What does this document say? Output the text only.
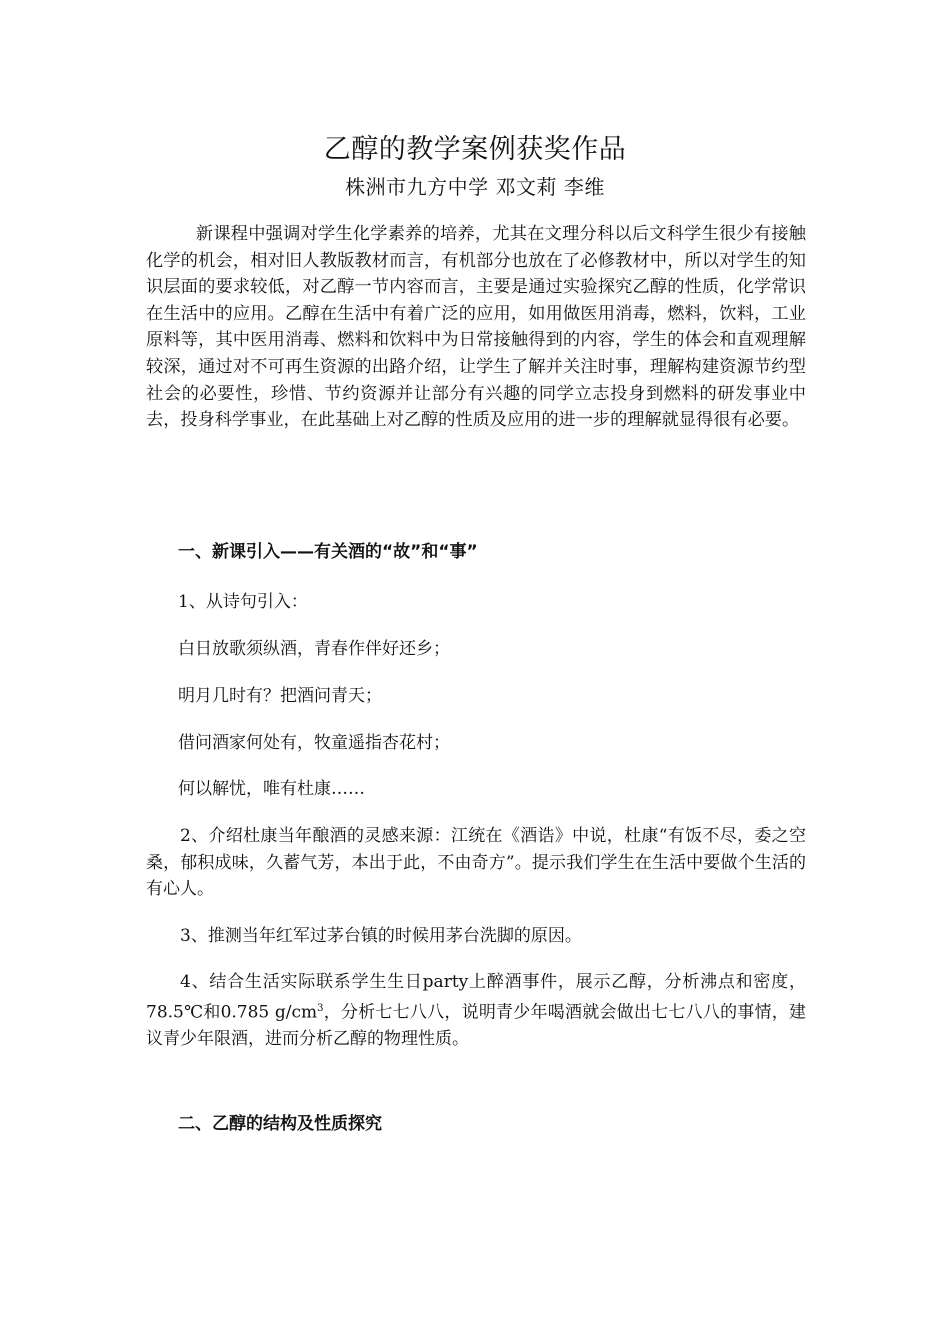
乙醇的教学案例获奖作品
株洲市九方中学 邓文莉 李维

新课程中强调对学生化学素养的培养，尤其在文理分科以后文科学生很少有接触化学的机会，相对旧人教版教材而言，有机部分也放在了必修教材中，所以对学生的知识层面的要求较低，对乙醇一节内容而言，主要是通过实验探究乙醇的性质，化学常识在生活中的应用。乙醇在生活中有着广泛的应用，如用做医用消毒，燃料，饮料，工业原料等，其中医用消毒、燃料和饮料中为日常接触得到的内容，学生的体会和直观理解较深，通过对不可再生资源的出路介绍，让学生了解并关注时事，理解构建资源节约型社会的必要性，珍惜、节约资源并让部分有兴趣的同学立志投身到燃料的研发事业中去，投身科学事业，在此基础上对乙醇的性质及应用的进一步的理解就显得很有必要。

一、新课引入——有关酒的“故”和“事”

1、从诗句引入：

白日放歌须纵酒，青春作伴好还乡；

明月几时有？把酒问青天；

借问酒家何处有，牧童遥指杏花村；

何以解忧，唯有杜康……

2、介绍杜康当年酿酒的灵感来源：江统在《酒诰》中说，杜康“有饭不尽，委之空桑，郁积成味，久蓄气芳，本出于此，不由奇方”。提示我们学生在生活中要做个生活的有心人。

3、推测当年红军过茅台镇的时候用茅台洗脚的原因。

4、结合生活实际联系学生生日party上醉酒事件，展示乙醇，分析沸点和密度，78.5℃和0.785 $g/cm^3$，分析七七八八，说明青少年喝酒就会做出七七八八的事情，建议青少年限酒，进而分析乙醇的物理性质。

二、乙醇的结构及性质探究
